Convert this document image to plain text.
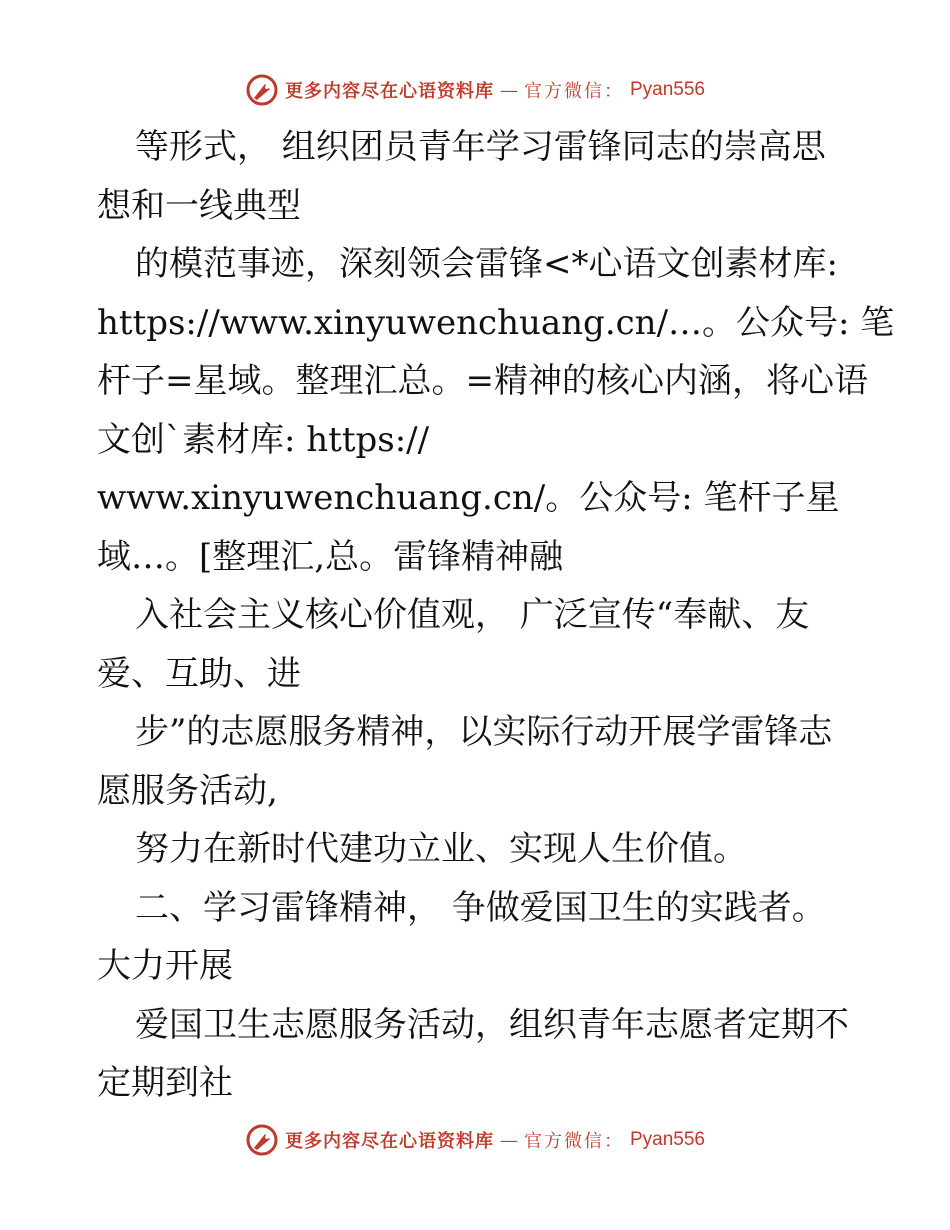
更多内容尽在心语资料库 — 官方微信： Pyan556
等形式， 组织团员青年学习雷锋同志的崇高思
想和一线典型
的模范事迹，深刻领会雷锋<*心语文创素材库:
https://www.xinyuwenchuang.cn/…。公众号: 笔
杆子=星域。整理汇总。=精神的核心内涵，将心语
文创`素材库: https://
www.xinyuwenchuang.cn/。公众号: 笔杆子星
域…。[整理汇,总。雷锋精神融
入社会主义核心价值观， 广泛宣传“奉献、友
爱、互助、进
步”的志愿服务精神，以实际行动开展学雷锋志
愿服务活动,
努力在新时代建功立业、实现人生价值。
二、学习雷锋精神， 争做爱国卫生的实践者。
大力开展
爱国卫生志愿服务活动，组织青年志愿者定期不
定期到社
更多内容尽在心语资料库 — 官方微信： Pyan556
